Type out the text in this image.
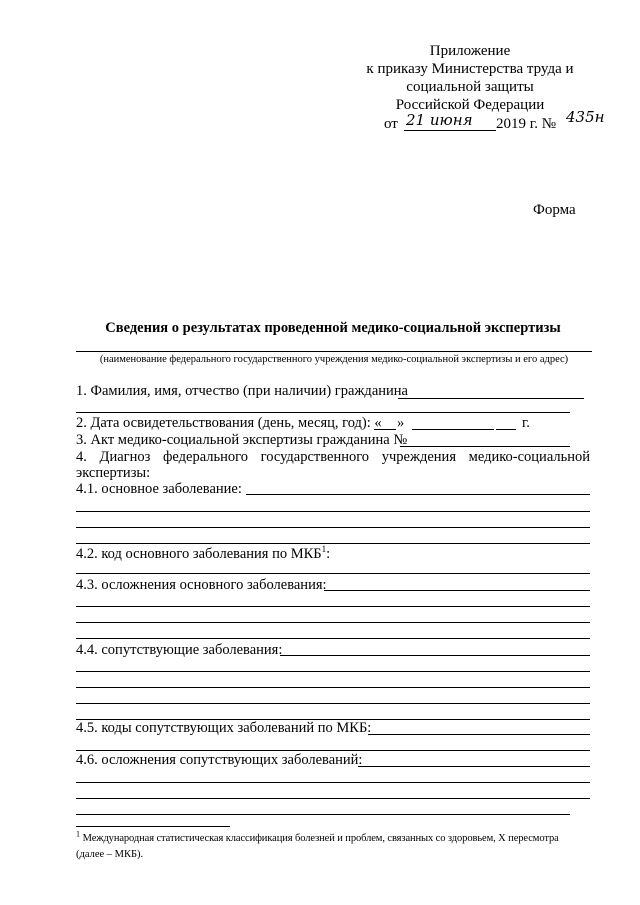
Приложение
к приказу Министерства труда и
социальной защиты
Российской Федерации
от 21 июня 2019 г. № 435н
Форма
Сведения о результатах проведенной медико-социальной экспертизы
(наименование федерального государственного учреждения медико-социальной экспертизы и его адрес)
1. Фамилия, имя, отчество (при наличии) гражданина
2. Дата освидетельствования (день, месяц, год): « »	г.
3. Акт медико-социальной экспертизы гражданина №
4. Диагноз федерального государственного учреждения медико-социальной
экспертизы:
4.1. основное заболевание:
4.2. код основного заболевания по МКБ$^1$:
4.3. осложнения основного заболевания:
4.4. сопутствующие заболевания:
4.5. коды сопутствующих заболеваний по МКБ:
4.6. осложнения сопутствующих заболеваний:
$^1$ Международная статистическая классификация болезней и проблем, связанных со здоровьем, X пересмотра
(далее – МКБ).
